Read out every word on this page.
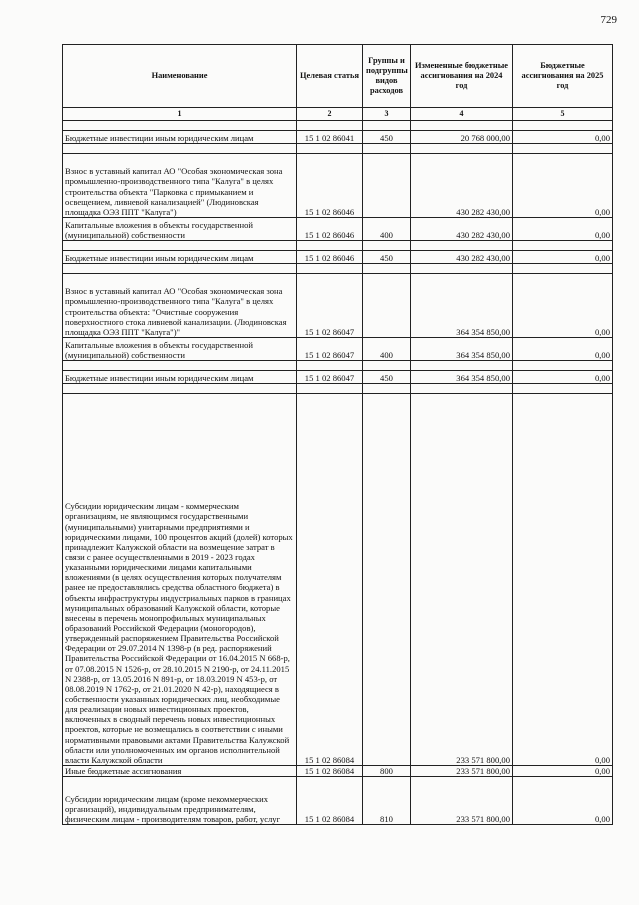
729
Наименование	Целевая статья	Группы и подгруппы видов расходов	Измененные бюджетные ассигнования на 2024 год	Бюджетные ассигнования на 2025 год
1	2	3	4	5

Бюджетные инвестиции иным юридическим лицам	15 1 02 86041	450	20 768 000,00	0,00

Взнос в уставный капитал АО "Особая экономическая зона промышленно-производственного типа "Калуга" в целях строительства объекта "Парковка с примыканием и освещением, ливневой канализацией" (Людиновская площадка ОЭЗ ППТ "Калуга")	15 1 02 86046		430 282 430,00	0,00
Капитальные вложения в объекты государственной (муниципальной) собственности	15 1 02 86046	400	430 282 430,00	0,00

Бюджетные инвестиции иным юридическим лицам	15 1 02 86046	450	430 282 430,00	0,00

Взнос в уставный капитал АО "Особая экономическая зона промышленно-производственного типа "Калуга" в целях строительства объекта: "Очистные сооружения поверхностного стока ливневой канализации. (Людиновская площадка ОЭЗ ППТ "Калуга")"	15 1 02 86047		364 354 850,00	0,00
Капитальные вложения в объекты государственной (муниципальной) собственности	15 1 02 86047	400	364 354 850,00	0,00

Бюджетные инвестиции иным юридическим лицам	15 1 02 86047	450	364 354 850,00	0,00

Субсидии юридическим лицам - коммерческим организациям, не являющимся государственными (муниципальными) унитарными предприятиями и юридическими лицами, 100 процентов акций (долей) которых принадлежит Калужской области на возмещение затрат в связи с ранее осуществленными в 2019 - 2023 годах указанными юридическими лицами капитальными вложениями (в целях осуществления которых получателям ранее не предоставлялись средства областного бюджета) в объекты инфраструктуры индустриальных парков в границах муниципальных образований Калужской области, которые внесены в перечень монопрофильных муниципальных образований Российской Федерации (моногородов), утвержденный распоряжением Правительства Российской Федерации от 29.07.2014 N 1398-р (в ред. распоряжений Правительства Российской Федерации от 16.04.2015 N 668-р, от 07.08.2015 N 1526-р, от 28.10.2015 N 2190-р, от 24.11.2015 N 2388-р, от 13.05.2016 N 891-р, от 18.03.2019 N 453-р, от 08.08.2019 N 1762-р, от 21.01.2020 N 42-р), находящиеся в собственности указанных юридических лиц, необходимые для реализации новых инвестиционных проектов, включенных в сводный перечень новых инвестиционных проектов, которые не возмещались в соответствии с иными нормативными правовыми актами Правительства Калужской области или уполномоченных им органов исполнительной власти Калужской области	15 1 02 86084		233 571 800,00	0,00
Иные бюджетные ассигнования	15 1 02 86084	800	233 571 800,00	0,00
Субсидии юридическим лицам (кроме некоммерческих организаций), индивидуальным предпринимателям, физическим лицам - производителям товаров, работ, услуг	15 1 02 86084	810	233 571 800,00	0,00
